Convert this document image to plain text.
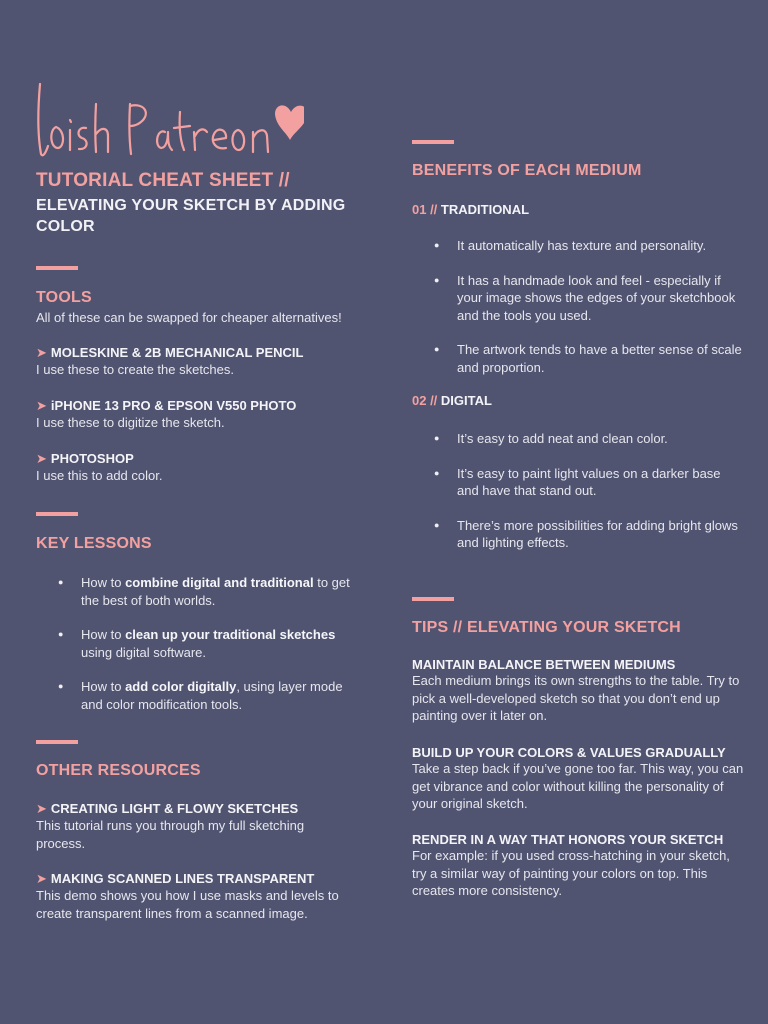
TUTORIAL CHEAT SHEET //
ELEVATING YOUR SKETCH BY ADDING COLOR
TOOLS
All of these can be swapped for cheaper alternatives!
➤ MOLESKINE & 2B MECHANICAL PENCIL
I use these to create the sketches.
➤ iPHONE 13 PRO & EPSON V550 PHOTO
I use these to digitize the sketch.
➤ PHOTOSHOP
I use this to add color.
KEY LESSONS
● How to combine digital and traditional to get the best of both worlds.
● How to clean up your traditional sketches using digital software.
● How to add color digitally, using layer mode and color modification tools.
OTHER RESOURCES
➤ CREATING LIGHT & FLOWY SKETCHES
This tutorial runs you through my full sketching process.
➤ MAKING SCANNED LINES TRANSPARENT
This demo shows you how I use masks and levels to create transparent lines from a scanned image.
BENEFITS OF EACH MEDIUM
01 // TRADITIONAL
● It automatically has texture and personality.
● It has a handmade look and feel - especially if your image shows the edges of your sketchbook and the tools you used.
● The artwork tends to have a better sense of scale and proportion.
02 // DIGITAL
● It’s easy to add neat and clean color.
● It’s easy to paint light values on a darker base and have that stand out.
● There’s more possibilities for adding bright glows and lighting effects.
TIPS // ELEVATING YOUR SKETCH
MAINTAIN BALANCE BETWEEN MEDIUMS
Each medium brings its own strengths to the table. Try to pick a well-developed sketch so that you don’t end up painting over it later on.
BUILD UP YOUR COLORS & VALUES GRADUALLY
Take a step back if you’ve gone too far. This way, you can get vibrance and color without killing the personality of your original sketch.
RENDER IN A WAY THAT HONORS YOUR SKETCH
For example: if you used cross-hatching in your sketch, try a similar way of painting your colors on top. This creates more consistency.
